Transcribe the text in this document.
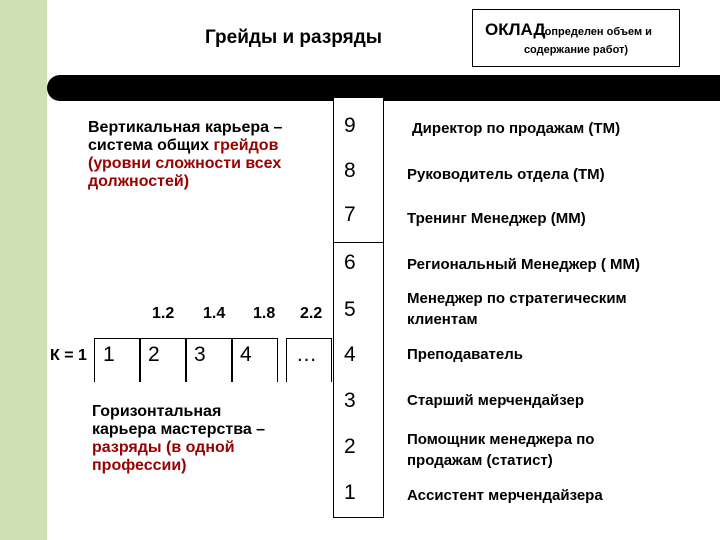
Грейды и разряды	ОКЛАД
(определен объем и
содержание работ)
Вертикальная карьера –
система общих грейдов
(уровни сложности всех
должностей)
Горизонтальная
карьера мастерства –
разряды (в одной
профессии)
9
8
7
6
5
4
3
2
1
Директор по продажам (ТМ)
Руководитель отдела (ТМ)
Тренинг Менеджер (ММ)
Региональный Менеджер ( ММ)
Менеджер по стратегическим
клиентам
Преподаватель
Старший мерчендайзер
Помощник менеджера по
продажам (статист)
Ассистент мерчендайзера
1.2 1.4 1.8 2.2
К = 1 1 2 3 4 …
